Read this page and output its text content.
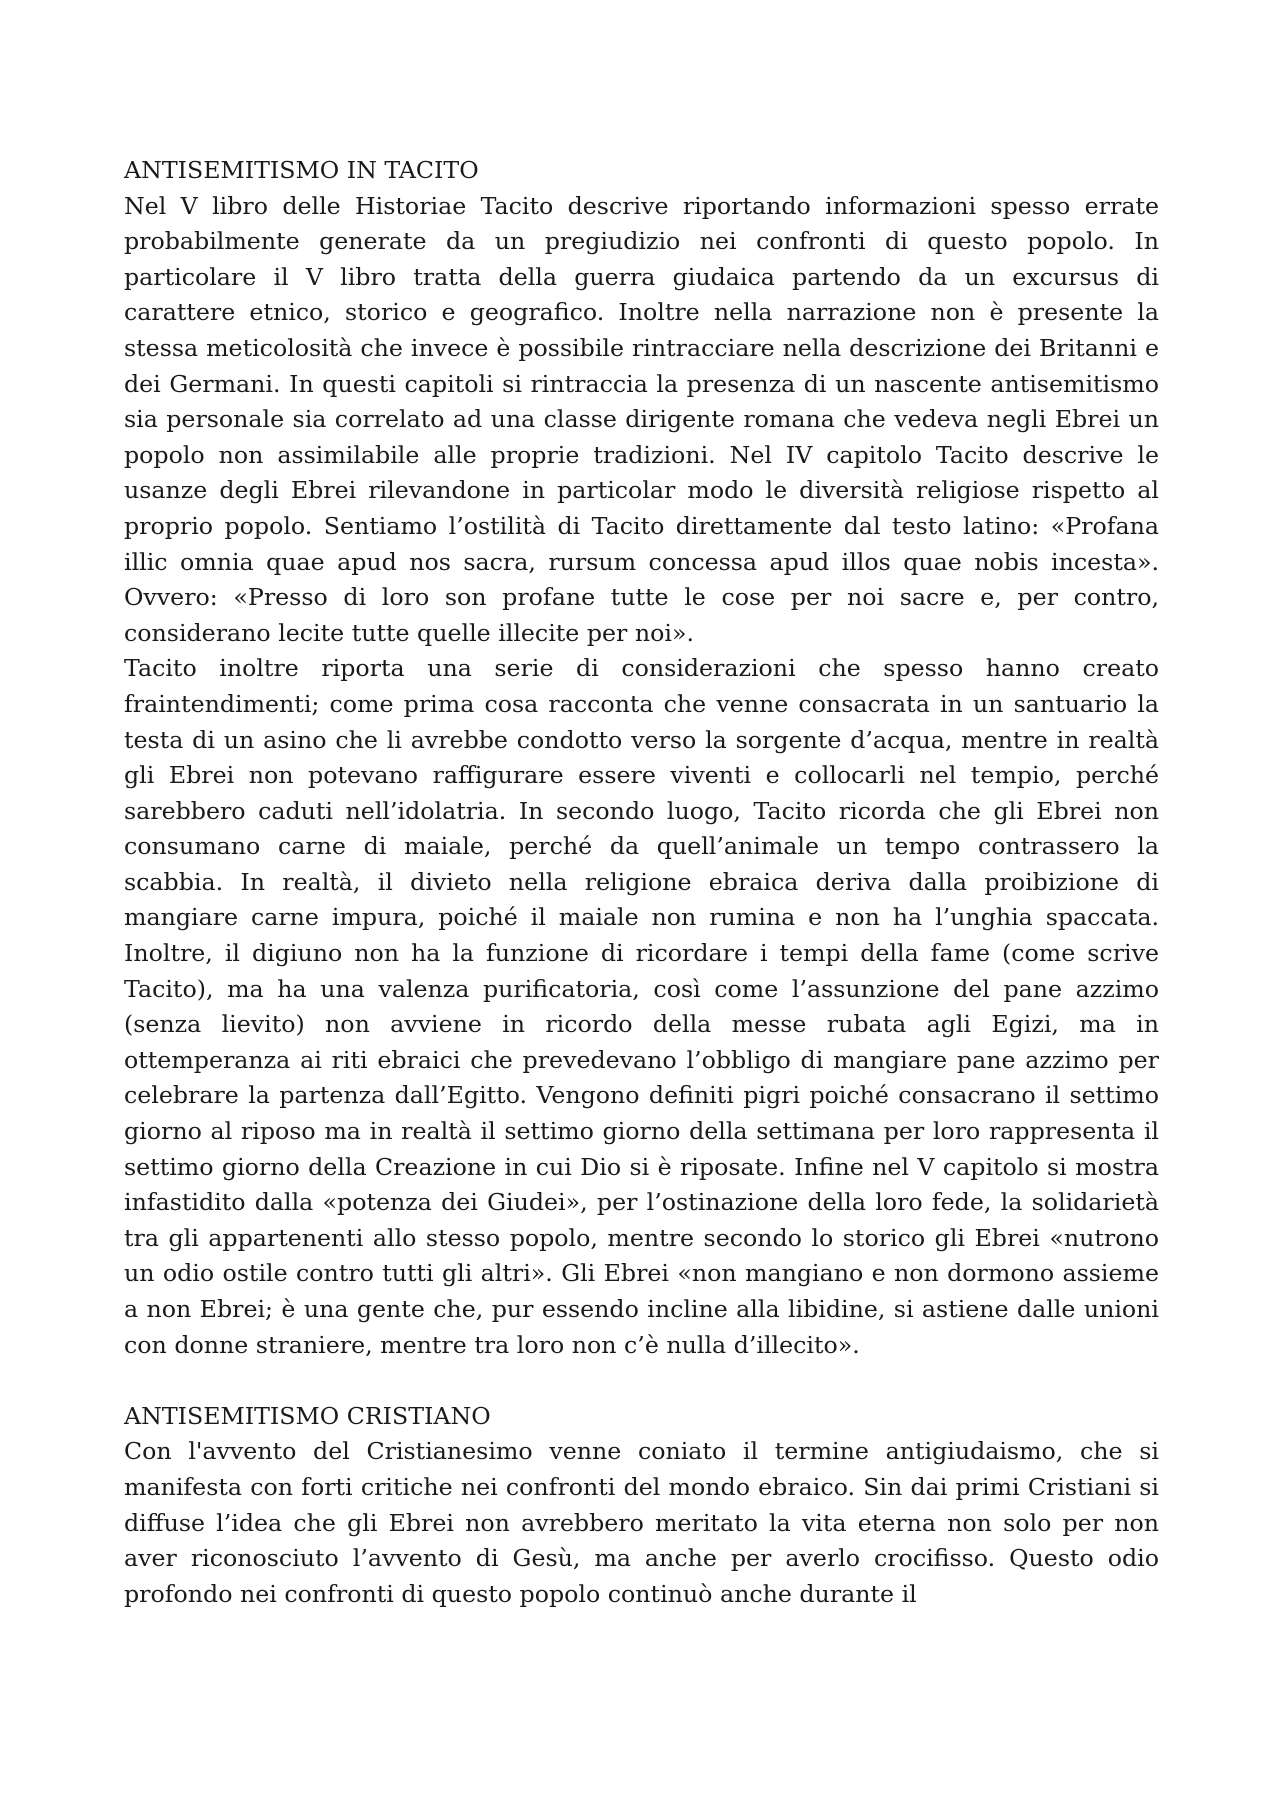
ANTISEMITISMO IN TACITO

Nel V libro delle Historiae Tacito descrive riportando informazioni spesso errate probabilmente generate da un pregiudizio nei confronti di questo popolo. In particolare il V libro tratta della guerra giudaica partendo da un excursus di carattere etnico, storico e geografico. Inoltre nella narrazione non è presente la stessa meticolosità che invece è possibile rintracciare nella descrizione dei Britanni e dei Germani. In questi capitoli si rintraccia la presenza di un nascente antisemitismo sia personale sia correlato ad una classe dirigente romana che vedeva negli Ebrei un popolo non assimilabile alle proprie tradizioni. Nel IV capitolo Tacito descrive le usanze degli Ebrei rilevandone in particolar modo le diversità religiose rispetto al proprio popolo. Sentiamo l’ostilità di Tacito direttamente dal testo latino: «Profana illic omnia quae apud nos sacra, rursum concessa apud illos quae nobis incesta». Ovvero: «Presso di loro son profane tutte le cose per noi sacre e, per contro, considerano lecite tutte quelle illecite per noi».

Tacito inoltre riporta una serie di considerazioni che spesso hanno creato fraintendimenti; come prima cosa racconta che venne consacrata in un santuario la testa di un asino che li avrebbe condotto verso la sorgente d’acqua, mentre in realtà gli Ebrei non potevano raffigurare essere viventi e collocarli nel tempio, perché sarebbero caduti nell’idolatria. In secondo luogo, Tacito ricorda che gli Ebrei non consumano carne di maiale, perché da quell’animale un tempo contrassero la scabbia. In realtà, il divieto nella religione ebraica deriva dalla proibizione di mangiare carne impura, poiché il maiale non rumina e non ha l’unghia spaccata. Inoltre, il digiuno non ha la funzione di ricordare i tempi della fame (come scrive Tacito), ma ha una valenza purificatoria, così come l’assunzione del pane azzimo (senza lievito) non avviene in ricordo della messe rubata agli Egizi, ma in ottemperanza ai riti ebraici che prevedevano l’obbligo di mangiare pane azzimo per celebrare la partenza dall’Egitto. Vengono definiti pigri poiché consacrano il settimo giorno al riposo ma in realtà il settimo giorno della settimana per loro rappresenta il settimo giorno della Creazione in cui Dio si è riposate. Infine nel V capitolo si mostra infastidito dalla «potenza dei Giudei», per l’ostinazione della loro fede, la solidarietà tra gli appartenenti allo stesso popolo, mentre secondo lo storico gli Ebrei «nutrono un odio ostile contro tutti gli altri». Gli Ebrei «non mangiano e non dormono assieme a non Ebrei; è una gente che, pur essendo incline alla libidine, si astiene dalle unioni con donne straniere, mentre tra loro non c’è nulla d’illecito».

ANTISEMITISMO CRISTIANO

Con l'avvento del Cristianesimo venne coniato il termine antigiudaismo, che si manifesta con forti critiche nei confronti del mondo ebraico. Sin dai primi Cristiani si diffuse l’idea che gli Ebrei non avrebbero meritato la vita eterna non solo per non aver riconosciuto l’avvento di Gesù, ma anche per averlo crocifisso. Questo odio profondo nei confronti di questo popolo continuò anche durante il
